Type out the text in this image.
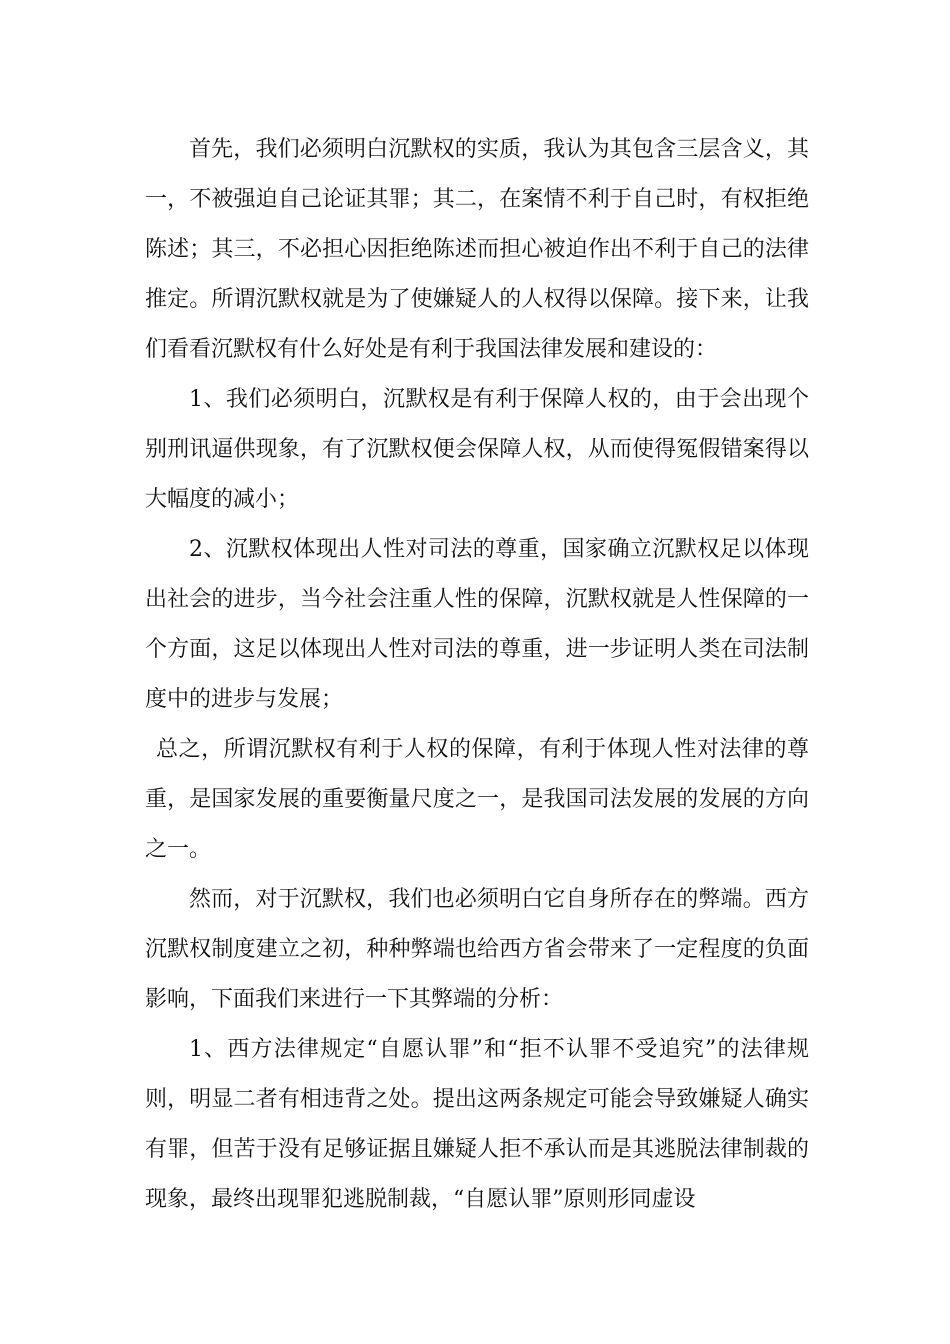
首先，我们必须明白沉默权的实质，我认为其包含三层含义，其一，不被强迫自己论证其罪；其二，在案情不利于自己时，有权拒绝陈述；其三，不必担心因拒绝陈述而担心被迫作出不利于自己的法律推定。所谓沉默权就是为了使嫌疑人的人权得以保障。接下来，让我们看看沉默权有什么好处是有利于我国法律发展和建设的：

1、我们必须明白，沉默权是有利于保障人权的，由于会出现个别刑讯逼供现象，有了沉默权便会保障人权，从而使得冤假错案得以大幅度的减小；

2、沉默权体现出人性对司法的尊重，国家确立沉默权足以体现出社会的进步，当今社会注重人性的保障，沉默权就是人性保障的一个方面，这足以体现出人性对司法的尊重，进一步证明人类在司法制度中的进步与发展；

总之，所谓沉默权有利于人权的保障，有利于体现人性对法律的尊重，是国家发展的重要衡量尺度之一，是我国司法发展的发展的方向之一。

然而，对于沉默权，我们也必须明白它自身所存在的弊端。西方沉默权制度建立之初，种种弊端也给西方省会带来了一定程度的负面影响，下面我们来进行一下其弊端的分析：

1、西方法律规定“自愿认罪”和“拒不认罪不受追究”的法律规则，明显二者有相违背之处。提出这两条规定可能会导致嫌疑人确实有罪，但苦于没有足够证据且嫌疑人拒不承认而是其逃脱法律制裁的现象，最终出现罪犯逃脱制裁，“自愿认罪”原则形同虚设
